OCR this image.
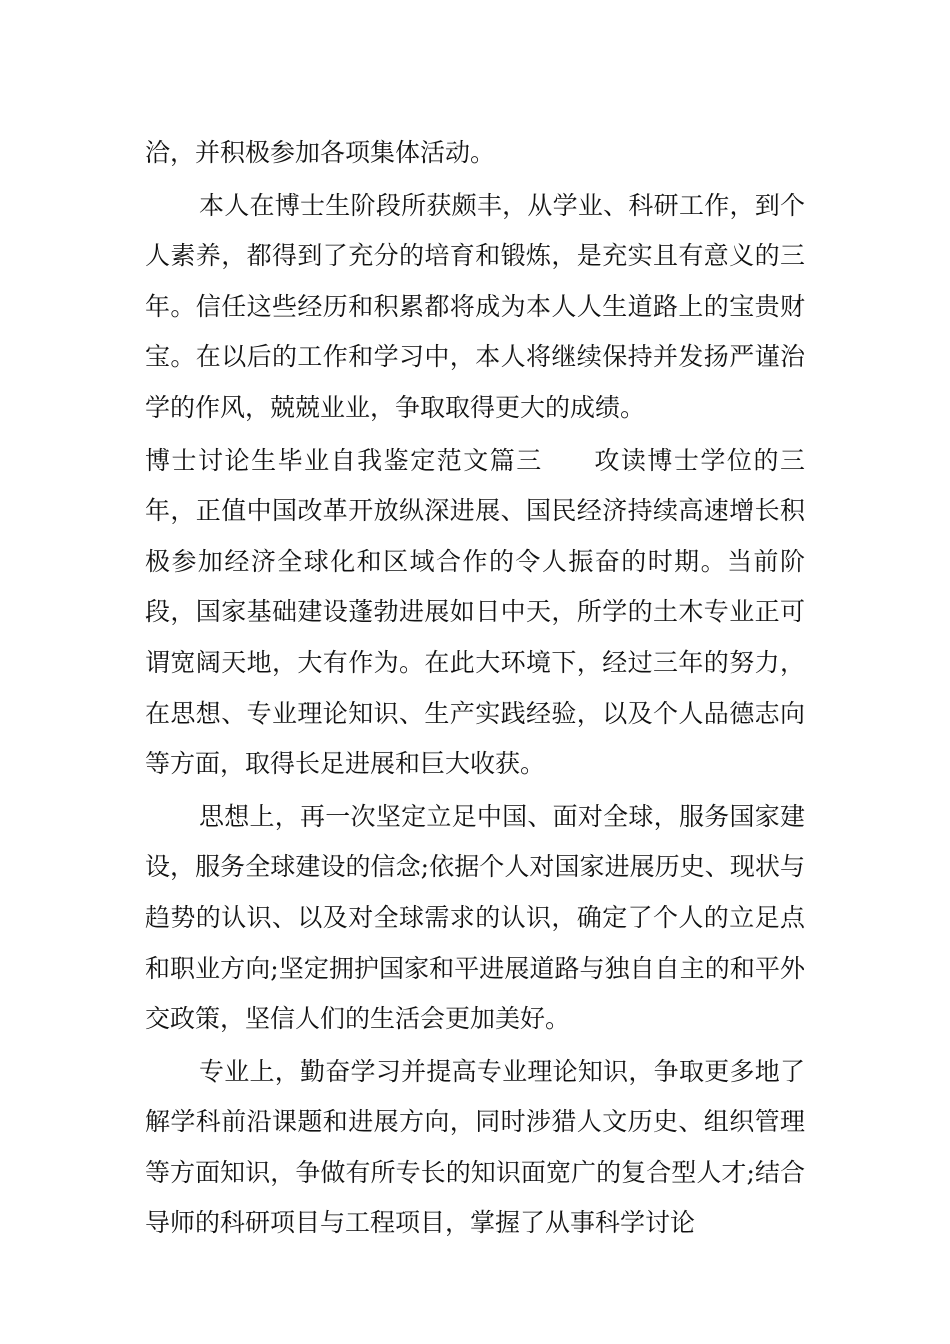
洽，并积极参加各项集体活动。

本人在博士生阶段所获颇丰，从学业、科研工作，到个人素养，都得到了充分的培育和锻炼，是充实且有意义的三年。信任这些经历和积累都将成为本人人生道路上的宝贵财宝。在以后的工作和学习中，本人将继续保持并发扬严谨治学的作风，兢兢业业，争取取得更大的成绩。

博士讨论生毕业自我鉴定范文篇三 攻读博士学位的三年，正值中国改革开放纵深进展、国民经济持续高速增长积极参加经济全球化和区域合作的令人振奋的时期。当前阶段，国家基础建设蓬勃进展如日中天，所学的土木专业正可谓宽阔天地，大有作为。在此大环境下，经过三年的努力，在思想、专业理论知识、生产实践经验，以及个人品德志向等方面，取得长足进展和巨大收获。

思想上，再一次坚定立足中国、面对全球，服务国家建设，服务全球建设的信念;依据个人对国家进展历史、现状与趋势的认识、以及对全球需求的认识，确定了个人的立足点和职业方向;坚定拥护国家和平进展道路与独自自主的和平外交政策，坚信人们的生活会更加美好。

专业上，勤奋学习并提高专业理论知识，争取更多地了解学科前沿课题和进展方向，同时涉猎人文历史、组织管理等方面知识，争做有所专长的知识面宽广的复合型人才;结合导师的科研项目与工程项目，掌握了从事科学讨论
